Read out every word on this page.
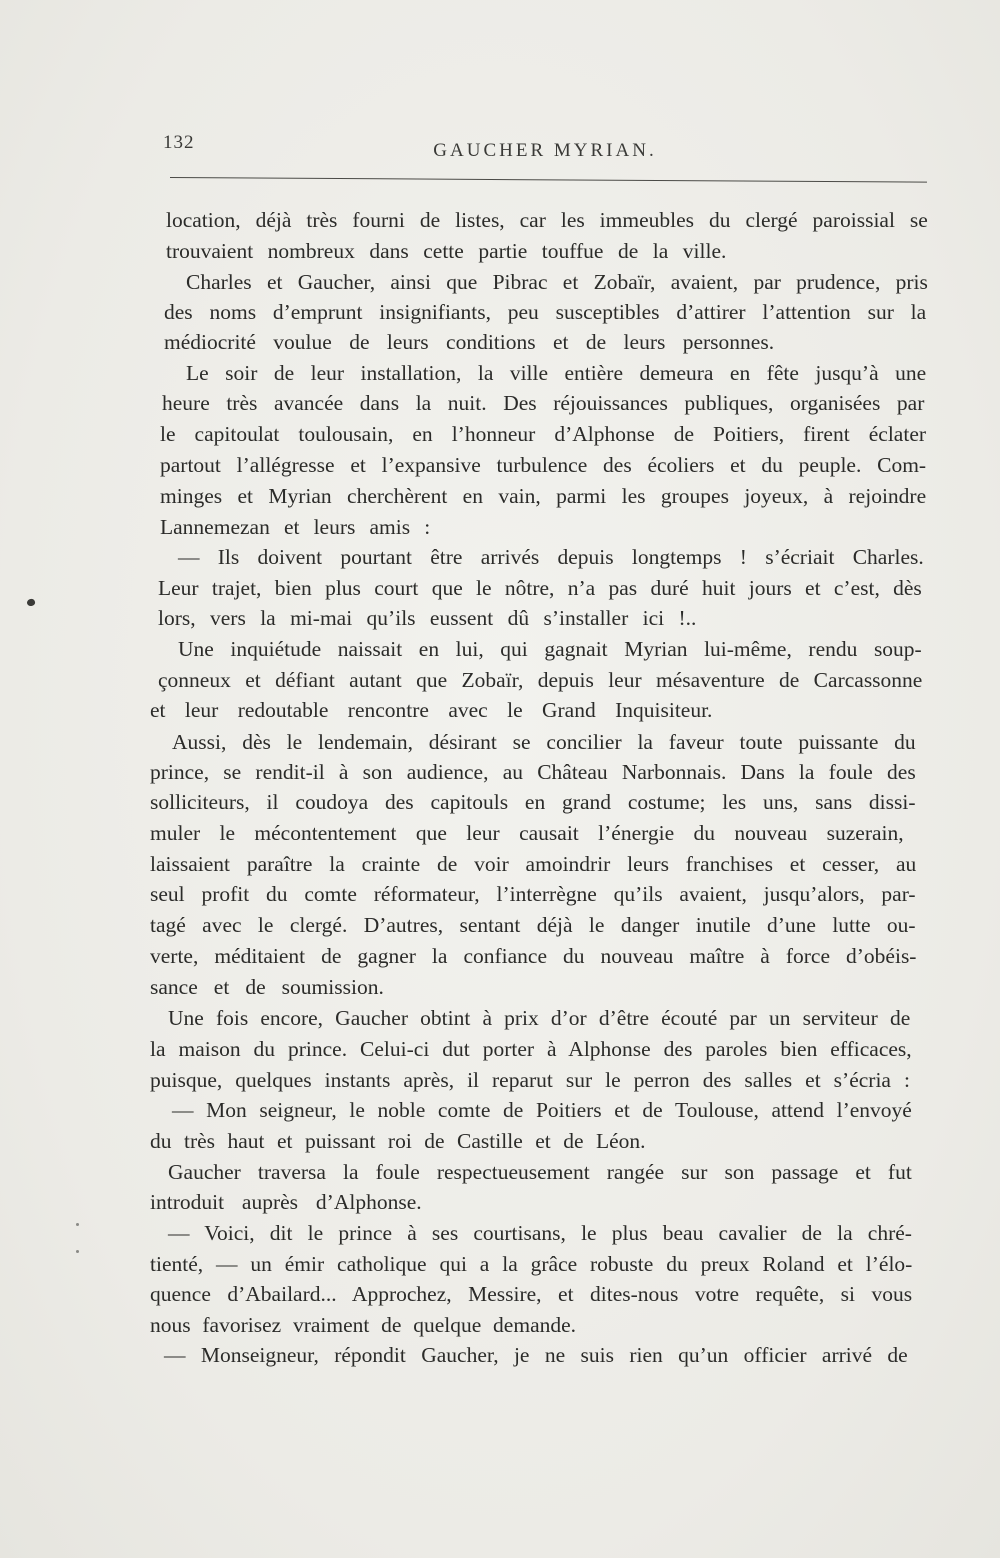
132	GAUCHER MYRIAN.
location, déjà très fourni de listes, car les immeubles du clergé paroissial se
trouvaient nombreux dans cette partie touffue de la ville.
Charles et Gaucher, ainsi que Pibrac et Zobaïr, avaient, par prudence, pris
des noms d’emprunt insignifiants, peu susceptibles d’attirer l’attention sur la
médiocrité voulue de leurs conditions et de leurs personnes.
Le soir de leur installation, la ville entière demeura en fête jusqu’à une
heure très avancée dans la nuit. Des réjouissances publiques, organisées par
le capitoulat toulousain, en l’honneur d’Alphonse de Poitiers, firent éclater
partout l’allégresse et l’expansive turbulence des écoliers et du peuple. Com-
minges et Myrian cherchèrent en vain, parmi les groupes joyeux, à rejoindre
Lannemezan et leurs amis :
— Ils doivent pourtant être arrivés depuis longtemps ! s’écriait Charles.
Leur trajet, bien plus court que le nôtre, n’a pas duré huit jours et c’est, dès
lors, vers la mi-mai qu’ils eussent dû s’installer ici !..
Une inquiétude naissait en lui, qui gagnait Myrian lui-même, rendu soup-
çonneux et défiant autant que Zobaïr, depuis leur mésaventure de Carcassonne
et leur redoutable rencontre avec le Grand Inquisiteur.
Aussi, dès le lendemain, désirant se concilier la faveur toute puissante du
prince, se rendit-il à son audience, au Château Narbonnais. Dans la foule des
solliciteurs, il coudoya des capitouls en grand costume; les uns, sans dissi-
muler le mécontentement que leur causait l’énergie du nouveau suzerain,
laissaient paraître la crainte de voir amoindrir leurs franchises et cesser, au
seul profit du comte réformateur, l’interrègne qu’ils avaient, jusqu’alors, par-
tagé avec le clergé. D’autres, sentant déjà le danger inutile d’une lutte ou-
verte, méditaient de gagner la confiance du nouveau maître à force d’obéis-
sance et de soumission.
Une fois encore, Gaucher obtint à prix d’or d’être écouté par un serviteur de
la maison du prince. Celui-ci dut porter à Alphonse des paroles bien efficaces,
puisque, quelques instants après, il reparut sur le perron des salles et s’écria :
— Mon seigneur, le noble comte de Poitiers et de Toulouse, attend l’envoyé
du très haut et puissant roi de Castille et de Léon.
Gaucher traversa la foule respectueusement rangée sur son passage et fut
introduit auprès d’Alphonse.
— Voici, dit le prince à ses courtisans, le plus beau cavalier de la chré-
tienté, — un émir catholique qui a la grâce robuste du preux Roland et l’élo-
quence d’Abailard... Approchez, Messire, et dites-nous votre requête, si vous
nous favorisez vraiment de quelque demande.
— Monseigneur, répondit Gaucher, je ne suis rien qu’un officier arrivé de
